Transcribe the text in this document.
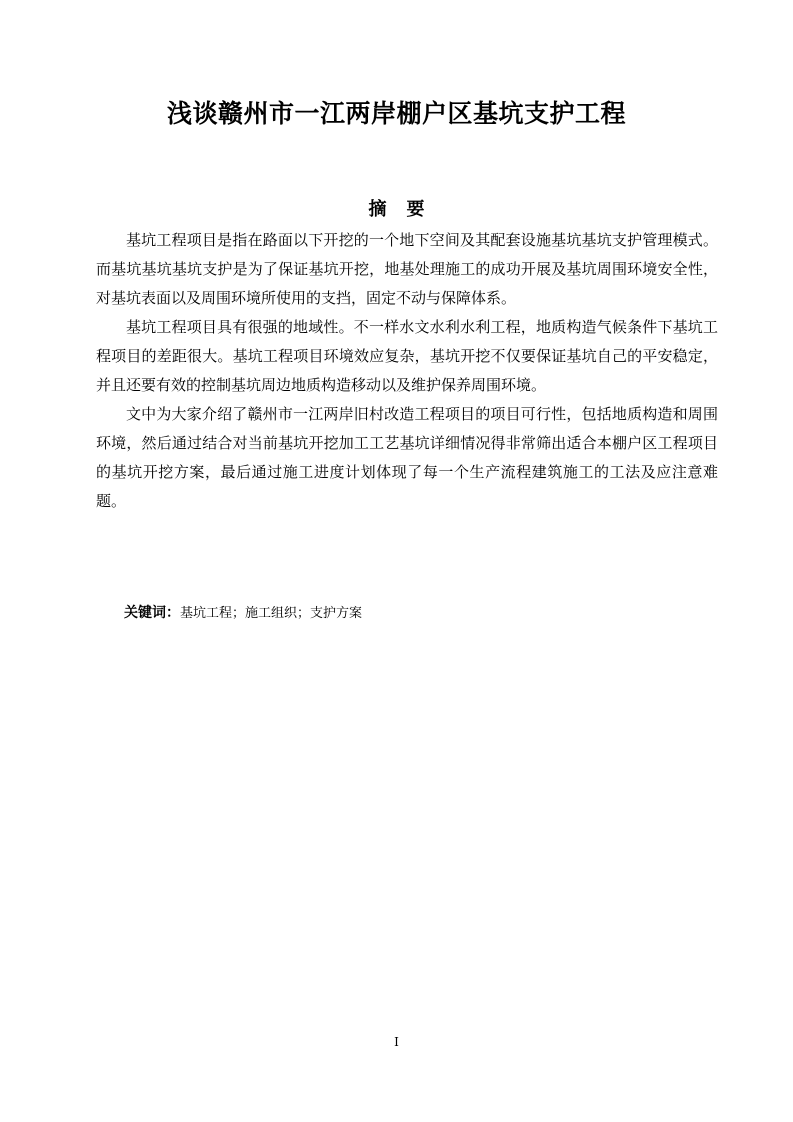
浅谈赣州市一江两岸棚户区基坑支护工程
摘要

基坑工程项目是指在路面以下开挖的一个地下空间及其配套设施基坑基坑支护管理模式。而基坑基坑基坑支护是为了保证基坑开挖，地基处理施工的成功开展及基坑周围环境安全性，对基坑表面以及周围环境所使用的支挡，固定不动与保障体系。

基坑工程项目具有很强的地域性。不一样水文水利水利工程，地质构造气候条件下基坑工程项目的差距很大。基坑工程项目环境效应复杂，基坑开挖不仅要保证基坑自己的平安稳定，并且还要有效的控制基坑周边地质构造移动以及维护保养周围环境。

文中为大家介绍了赣州市一江两岸旧村改造工程项目的项目可行性，包括地质构造和周围环境，然后通过结合对当前基坑开挖加工工艺基坑详细情况得非常筛出适合本棚户区工程项目的基坑开挖方案，最后通过施工进度计划体现了每一个生产流程建筑施工的工法及应注意难题。

关键词：基坑工程；施工组织；支护方案
I
